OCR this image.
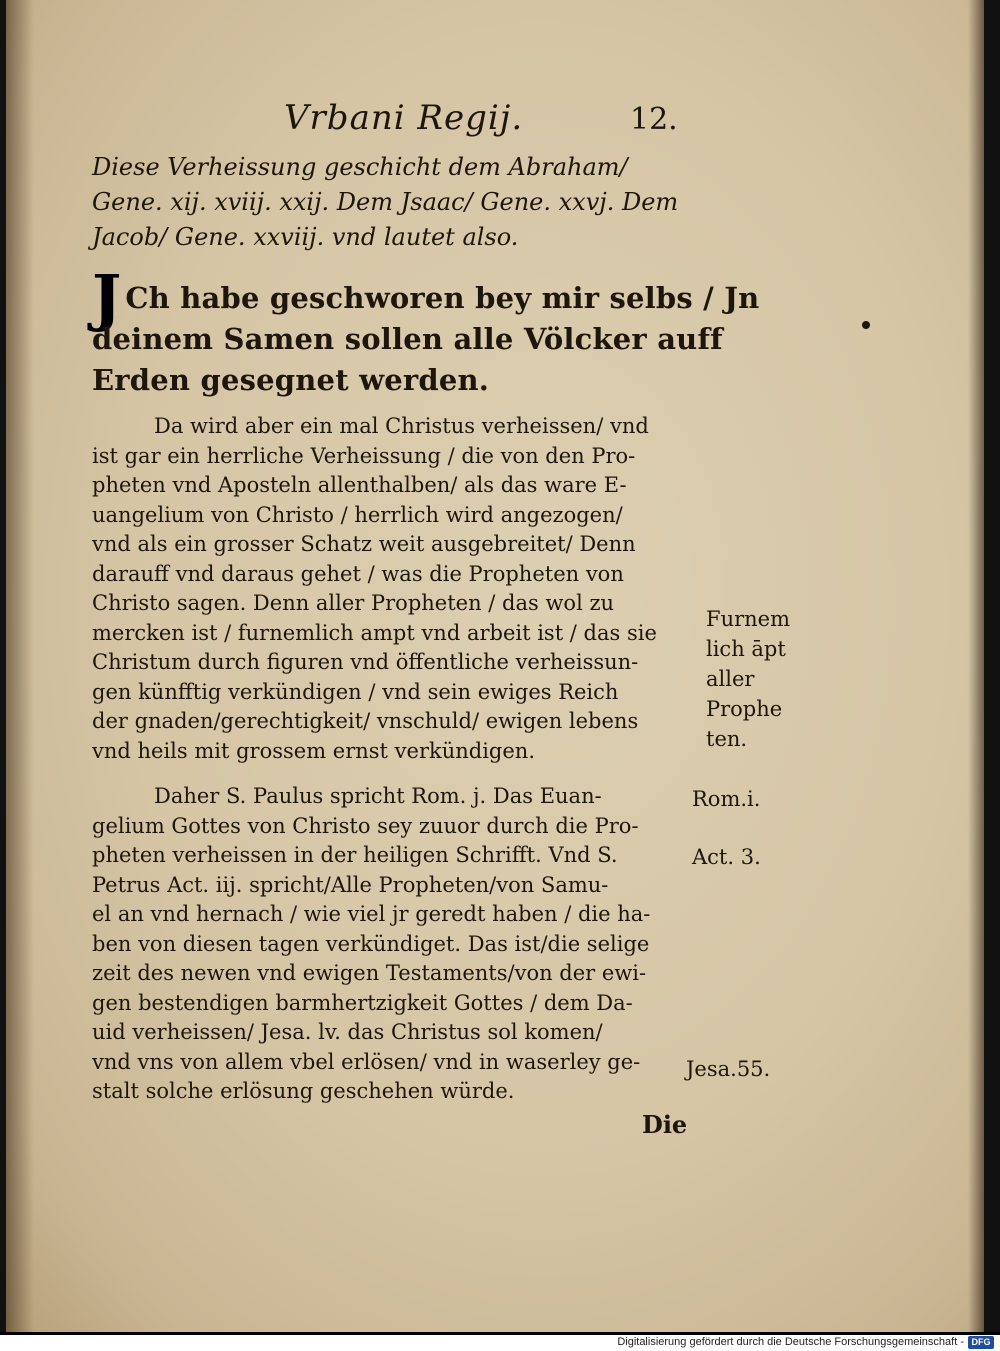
Vrbani Regij.	12.
Diese Verheissung geschicht dem Abraham/
Gene. xij. xviij. xxij. Dem Jsaac/ Gene. xxvj. Dem
Jacob/ Gene. xxviij. vnd lautet also.
J Ch habe geschworen bey mir selbs / Jn
deinem Samen sollen alle Völcker auff
Erden gesegnet werden.
Da wird aber ein mal Christus verheissen/ vnd
ist gar ein herrliche Verheissung / die von den Pro-
pheten vnd Aposteln allenthalben/ als das ware E-
uangelium von Christo / herrlich wird angezogen/
vnd als ein grosser Schatz weit ausgebreitet/ Denn
darauff vnd daraus gehet / was die Propheten von
Christo sagen. Denn aller Propheten / das wol zu
mercken ist / furnemlich ampt vnd arbeit ist / das sie
Christum durch figuren vnd öffentliche verheissun-
gen künfftig verkündigen / vnd sein ewiges Reich
der gnaden/gerechtigkeit/ vnschuld/ ewigen lebens
vnd heils mit grossem ernst verkündigen.
Daher S. Paulus spricht Rom. j. Das Euan-
gelium Gottes von Christo sey zuuor durch die Pro-
pheten verheissen in der heiligen Schrifft. Vnd S.
Petrus Act. iij. spricht/Alle Propheten/von Samu-
el an vnd hernach / wie viel jr geredt haben / die ha-
ben von diesen tagen verkündiget. Das ist/die selige
zeit des newen vnd ewigen Testaments/von der ewi-
gen bestendigen barmhertzigkeit Gottes / dem Da-
uid verheissen/ Jesa. lv. das Christus sol komen/
vnd vns von allem vbel erlösen/ vnd in waserley ge-
stalt solche erlösung geschehen würde.
Furnem
lich āpt
aller
Prophe
ten.
Rom.i.
Act. 3.
Jesa.55.
Die
Digitalisierung gefördert durch die Deutsche Forschungsgemeinschaft - DFG
